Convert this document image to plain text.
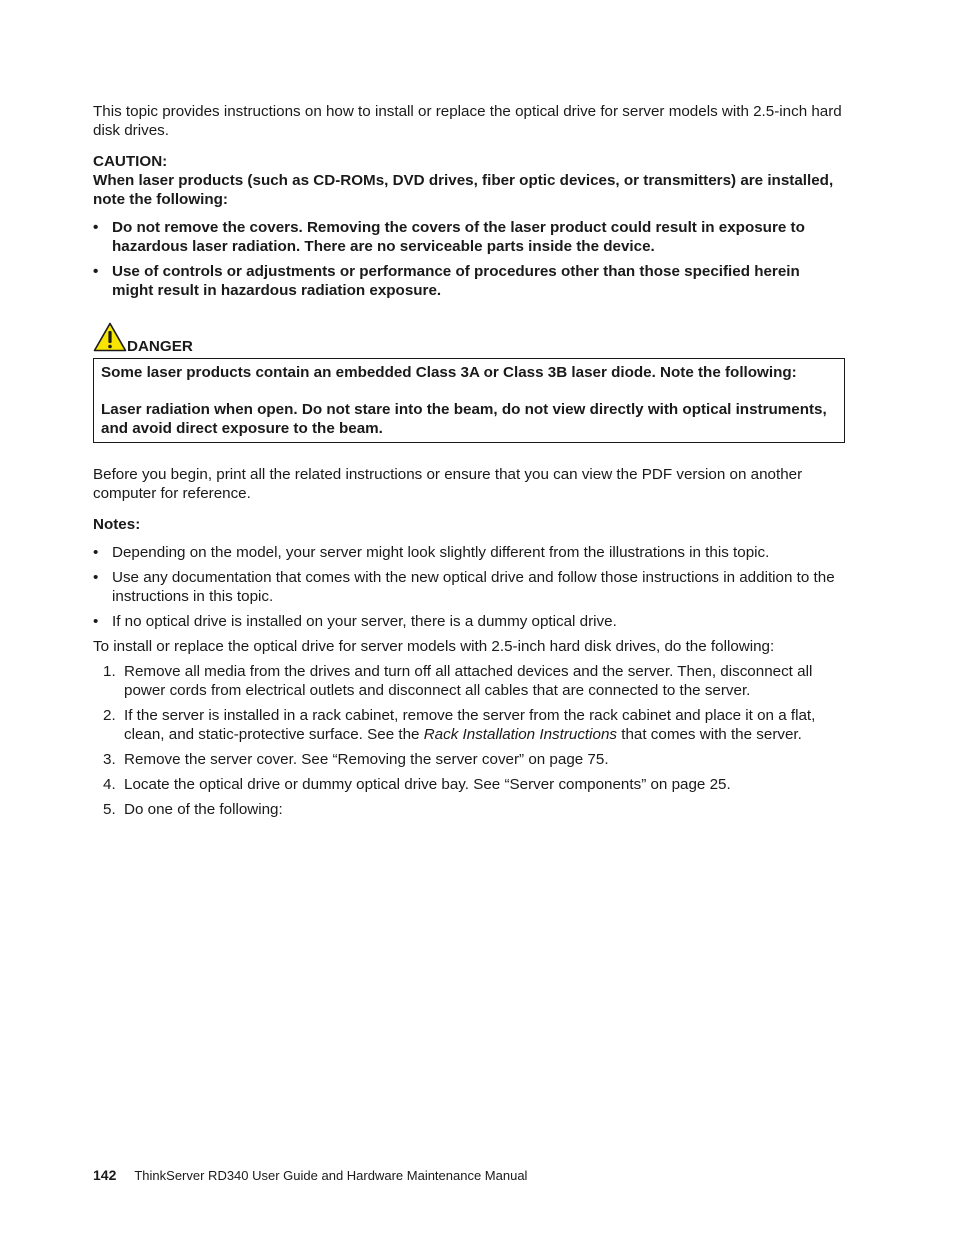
This topic provides instructions on how to install or replace the optical drive for server models with 2.5-inch hard disk drives.

CAUTION:

When laser products (such as CD-ROMs, DVD drives, fiber optic devices, or transmitters) are installed, note the following:

• Do not remove the covers. Removing the covers of the laser product could result in exposure to hazardous laser radiation. There are no serviceable parts inside the device.
• Use of controls or adjustments or performance of procedures other than those specified herein might result in hazardous radiation exposure.
DANGER

Some laser products contain an embedded Class 3A or Class 3B laser diode. Note the following:

Laser radiation when open. Do not stare into the beam, do not view directly with optical instruments, and avoid direct exposure to the beam.

Before you begin, print all the related instructions or ensure that you can view the PDF version on another computer for reference.

Notes:

• Depending on the model, your server might look slightly different from the illustrations in this topic.
• Use any documentation that comes with the new optical drive and follow those instructions in addition to the instructions in this topic.
• If no optical drive is installed on your server, there is a dummy optical drive.

To install or replace the optical drive for server models with 2.5-inch hard disk drives, do the following:

1. Remove all media from the drives and turn off all attached devices and the server. Then, disconnect all power cords from electrical outlets and disconnect all cables that are connected to the server.
2. If the server is installed in a rack cabinet, remove the server from the rack cabinet and place it on a flat, clean, and static-protective surface. See the Rack Installation Instructions that comes with the server.
3. Remove the server cover. See “Removing the server cover” on page 75.
4. Locate the optical drive or dummy optical drive bay. See “Server components” on page 25.
5. Do one of the following:
142 ThinkServer RD340 User Guide and Hardware Maintenance Manual
